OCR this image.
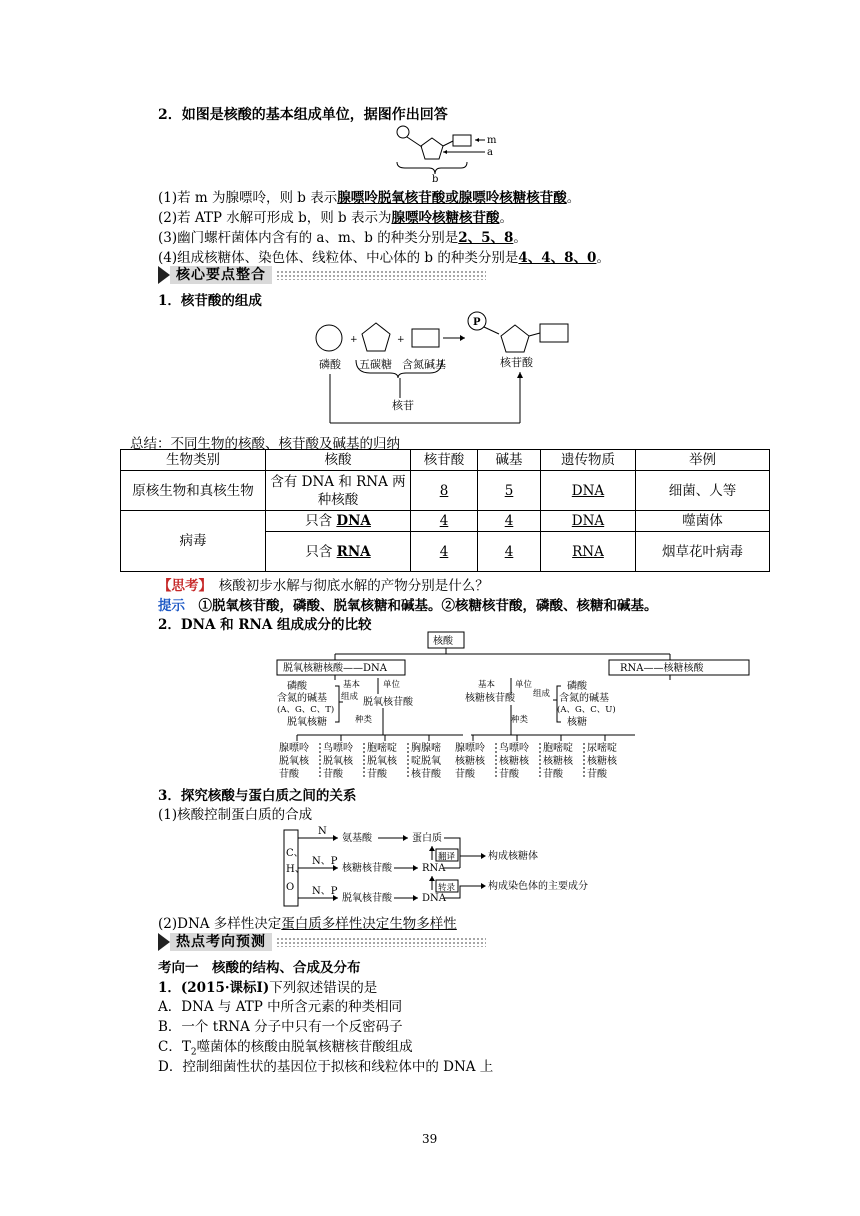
2．如图是核酸的基本组成单位，据图作出回答
m
a
b
(1)若 m 为腺嘌呤，则 b 表示腺嘌呤脱氧核苷酸或腺嘌呤核糖核苷酸。
(2)若 ATP 水解可形成 b，则 b 表示为腺嘌呤核糖核苷酸。
(3)幽门螺杆菌体内含有的 a、m、b 的种类分别是2、5、8。
(4)组成核糖体、染色体、线粒体、中心体的 b 的种类分别是4、4、8、0。
核心要点整合
1．核苷酸的组成
+	+
P
磷酸 五碳糖 含氮碱基	核苷酸
核苷
总结：不同生物的核酸、核苷酸及碱基的归纳
生物类别	核酸	核苷酸	碱基	遗传物质	举例
原核生物和真核生物	含有 DNA 和 RNA 两种核酸	8	5	DNA	细菌、人等
病毒	只含 DNA	4	4	DNA	噬菌体
	只含 RNA	4	4	RNA	烟草花叶病毒
【思考】　 核酸初步水解与彻底水解的产物分别是什么？
提示　 ①脱氧核苷酸，磷酸、脱氧核糖和碱基。②核糖核苷酸，磷酸、核糖和碱基。
2．DNA 和 RNA 组成成分的比较
核酸
脱氧核糖核酸——DNA	RNA——核糖核酸
磷酸
含氮的碱基
(A、G、C、T)
脱氧核糖
组成
基本	单位
脱氧核苷酸
种类
核糖核苷酸
基本 单位
组成
磷酸
含氮的碱基
(A、G、C、U)
核糖
种类
腺嘌呤
脱氧核
苷酸
鸟嘌呤
脱氧核
苷酸
胞嘧啶
脱氧核
苷酸
胸腺嘧
啶脱氧
核苷酸
腺嘌呤
核糖核
苷酸
鸟嘌呤
核糖核
苷酸
胞嘧啶
核糖核
苷酸
尿嘧啶
核糖核
苷酸
3．探究核酸与蛋白质之间的关系
(1)核酸控制蛋白质的合成
C、
H、
O
N
氨基酸	蛋白质
N、P
核糖核苷酸	RNA
翻译	构成核糖体
N、P
脱氧核苷酸	DNA
转录	构成染色体的主要成分
(2)DNA 多样性决定蛋白质多样性决定生物多样性
热点考向预测
考向一　核酸的结构、合成及分布
1．(2015·课标Ⅰ)下列叙述错误的是
A．DNA 与 ATP 中所含元素的种类相同
B．一个 tRNA 分子中只有一个反密码子
C．$T_2$噬菌体的核酸由脱氧核糖核苷酸组成
D．控制细菌性状的基因位于拟核和线粒体中的 DNA 上
39
